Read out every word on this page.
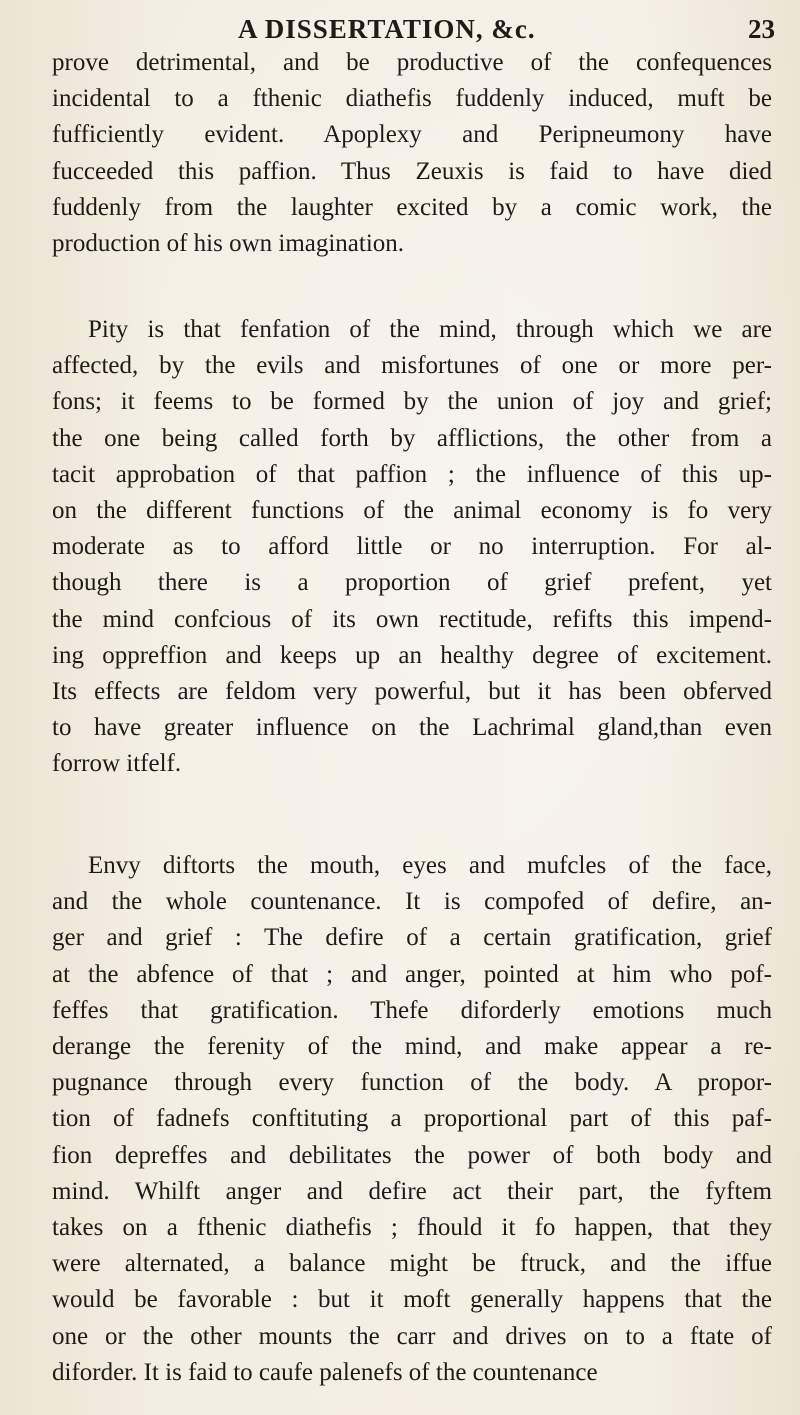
A DISSERTATION, &c.	23
prove detrimental, and be productive of the confequences
incidental to a fthenic diathefis fuddenly induced, muft be
fufficiently evident. Apoplexy and Peripneumony have
fucceeded this paffion. Thus Zeuxis is faid to have died
fuddenly from the laughter excited by a comic work, the
production of his own imagination.
Pity is that fenfation of the mind, through which we are
affected, by the evils and misfortunes of one or more per-
fons; it feems to be formed by the union of joy and grief;
the one being called forth by afflictions, the other from a
tacit approbation of that paffion ; the influence of this up-
on the different functions of the animal economy is fo very
moderate as to afford little or no interruption. For al-
though there is a proportion of grief prefent, yet
the mind confcious of its own rectitude, refifts this impend-
ing oppreffion and keeps up an healthy degree of excitement.
Its effects are feldom very powerful, but it has been obferved
to have greater influence on the Lachrimal gland,than even
forrow itfelf.
Envy diftorts the mouth, eyes and mufcles of the face,
and the whole countenance. It is compofed of defire, an-
ger and grief : The defire of a certain gratification, grief
at the abfence of that ; and anger, pointed at him who pof-
feffes that gratification. Thefe diforderly emotions much
derange the ferenity of the mind, and make appear a re-
pugnance through every function of the body. A propor-
tion of fadnefs conftituting a proportional part of this paf-
fion depreffes and debilitates the power of both body and
mind. Whilft anger and defire act their part, the fyftem
takes on a fthenic diathefis ; fhould it fo happen, that they
were alternated, a balance might be ftruck, and the iffue
would be favorable : but it moft generally happens that the
one or the other mounts the carr and drives on to a ftate of
diforder. It is faid to caufe palenefs of the countenance
